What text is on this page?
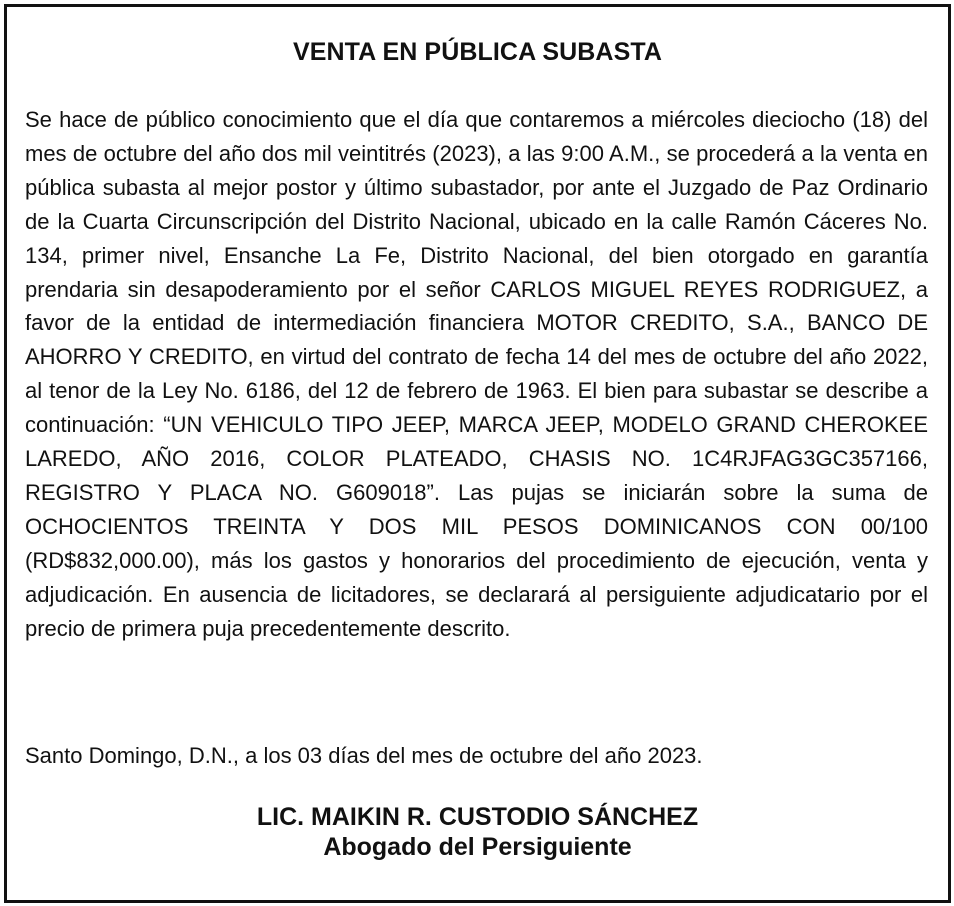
VENTA EN PÚBLICA SUBASTA

Se hace de público conocimiento que el día que contaremos a miércoles dieciocho (18) del mes de octubre del año dos mil veintitrés (2023), a las 9:00 A.M., se procederá a la venta en pública subasta al mejor postor y último subastador, por ante el Juzgado de Paz Ordinario de la Cuarta Circunscripción del Distrito Nacional, ubicado en la calle Ramón Cáceres No. 134, primer nivel, Ensanche La Fe, Distrito Nacional, del bien otorgado en garantía prendaria sin desapoderamiento por el señor CARLOS MIGUEL REYES RODRIGUEZ, a favor de la entidad de intermediación financiera MOTOR CREDITO, S.A., BANCO DE AHORRO Y CREDITO, en virtud del contrato de fecha 14 del mes de octubre del año 2022, al tenor de la Ley No. 6186, del 12 de febrero de 1963. El bien para subastar se describe a continuación: “UN VEHICULO TIPO JEEP, MARCA JEEP, MODELO GRAND CHEROKEE LAREDO, AÑO 2016, COLOR PLATEADO, CHASIS NO. 1C4RJFAG3GC357166, REGISTRO Y PLACA NO. G609018”. Las pujas se iniciarán sobre la suma de OCHOCIENTOS TREINTA Y DOS MIL PESOS DOMINICANOS CON 00/100 (RD$832,000.00), más los gastos y honorarios del procedimiento de ejecución, venta y adjudicación. En ausencia de licitadores, se declarará al persiguiente adjudicatario por el precio de primera puja precedentemente descrito.

Santo Domingo, D.N., a los 03 días del mes de octubre del año 2023.
LIC. MAIKIN R. CUSTODIO SÁNCHEZ
Abogado del Persiguiente
